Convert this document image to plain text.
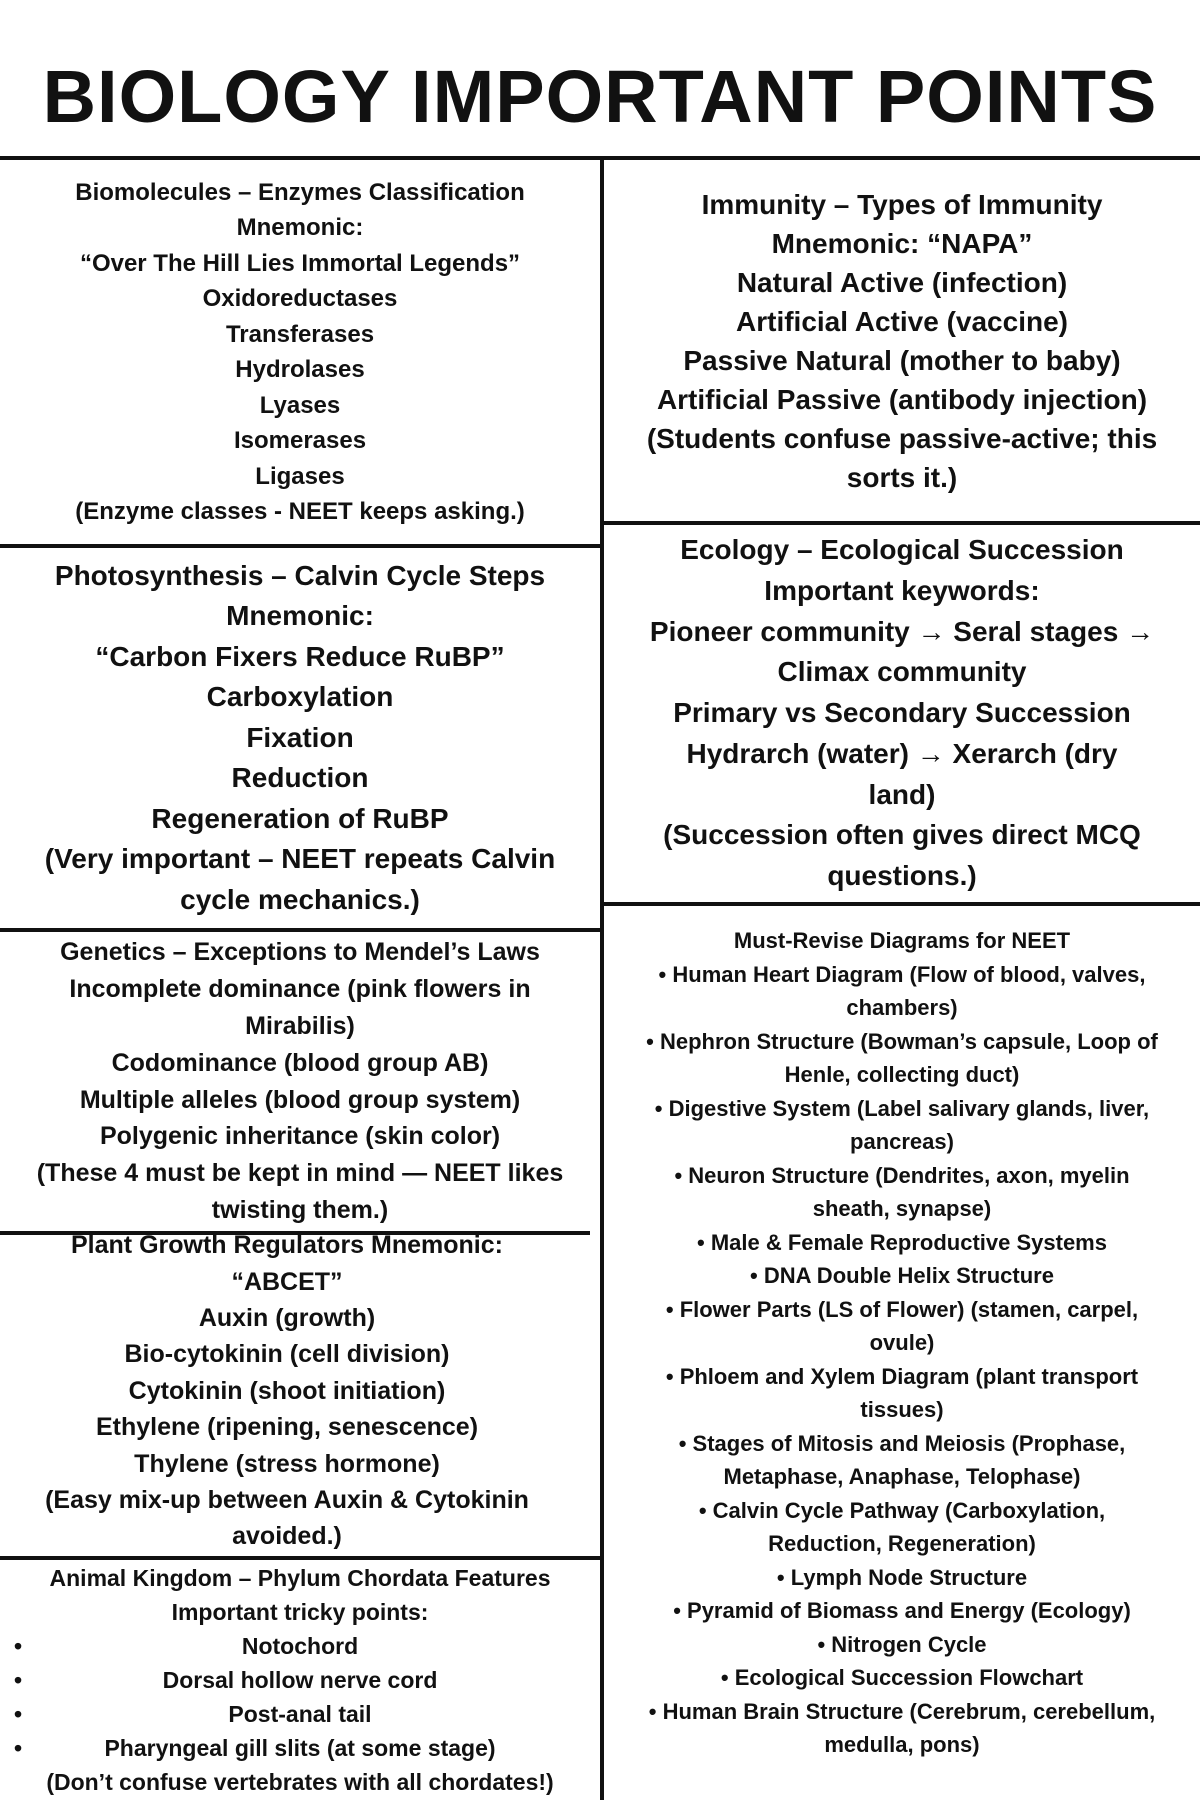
BIOLOGY IMPORTANT POINTS
Biomolecules – Enzymes Classification
Mnemonic:
“Over The Hill Lies Immortal Legends”
Oxidoreductases
Transferases
Hydrolases
Lyases
Isomerases
Ligases
(Enzyme classes - NEET keeps asking.)
Photosynthesis – Calvin Cycle Steps
Mnemonic:
“Carbon Fixers Reduce RuBP”
Carboxylation
Fixation
Reduction
Regeneration of RuBP
(Very important – NEET repeats Calvin
cycle mechanics.)
Genetics – Exceptions to Mendel’s Laws
Incomplete dominance (pink flowers in
Mirabilis)
Codominance (blood group AB)
Multiple alleles (blood group system)
Polygenic inheritance (skin color)
(These 4 must be kept in mind — NEET likes
twisting them.)
Plant Growth Regulators Mnemonic:
“ABCET”
Auxin (growth)
Bio-cytokinin (cell division)
Cytokinin (shoot initiation)
Ethylene (ripening, senescence)
Thylene (stress hormone)
(Easy mix-up between Auxin & Cytokinin
avoided.)
Animal Kingdom – Phylum Chordata Features
Important tricky points:
•	Notochord
•	Dorsal hollow nerve cord
•	Post-anal tail
•	Pharyngeal gill slits (at some stage)
(Don’t confuse vertebrates with all chordates!)
Immunity – Types of Immunity
Mnemonic: “NAPA”
Natural Active (infection)
Artificial Active (vaccine)
Passive Natural (mother to baby)
Artificial Passive (antibody injection)
(Students confuse passive-active; this
sorts it.)
Ecology – Ecological Succession
Important keywords:
Pioneer community → Seral stages →
Climax community
Primary vs Secondary Succession
Hydrarch (water) → Xerarch (dry
land)
(Succession often gives direct MCQ
questions.)
Must-Revise Diagrams for NEET
• Human Heart Diagram (Flow of blood, valves,
chambers)
• Nephron Structure (Bowman’s capsule, Loop of
Henle, collecting duct)
• Digestive System (Label salivary glands, liver,
pancreas)
• Neuron Structure (Dendrites, axon, myelin
sheath, synapse)
• Male & Female Reproductive Systems
• DNA Double Helix Structure
• Flower Parts (LS of Flower) (stamen, carpel,
ovule)
• Phloem and Xylem Diagram (plant transport
tissues)
• Stages of Mitosis and Meiosis (Prophase,
Metaphase, Anaphase, Telophase)
• Calvin Cycle Pathway (Carboxylation,
Reduction, Regeneration)
• Lymph Node Structure
• Pyramid of Biomass and Energy (Ecology)
• Nitrogen Cycle
• Ecological Succession Flowchart
• Human Brain Structure (Cerebrum, cerebellum,
medulla, pons)
